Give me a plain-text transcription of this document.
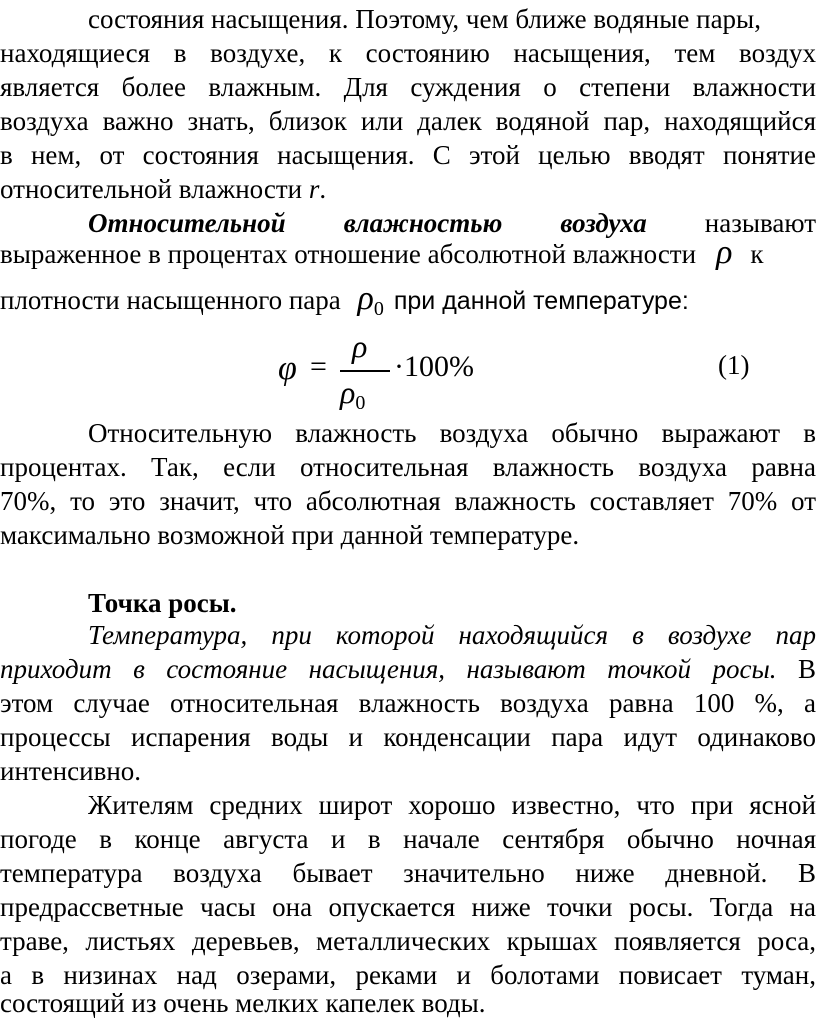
состояния насыщения. Поэтому, чем ближе водяные пары,
находящиеся в воздухе, к состоянию насыщения, тем воздух
является более влажным. Для суждения о степени влажности
воздуха важно знать, близок или далек водяной пар, находящийся
в нем, от состояния насыщения. С этой целью вводят понятие
относительной влажности r.
Относительной влажностью воздуха называют
выраженное в процентах отношение абсолютной влажности ρ к
плотности насыщенного пара $\rho_0$ при данной температуре:
φ =
ρ
$\rho_0$
·100%	(1)
Относительную влажность воздуха обычно выражают в
процентах. Так, если относительная влажность воздуха равна
70%, то это значит, что абсолютная влажность составляет 70% от
максимально возможной при данной температуре.
Точка росы.
Температура, при которой находящийся в воздухе пар
приходит в состояние насыщения, называют точкой росы. В
этом случае относительная влажность воздуха равна 100 %, а
процессы испарения воды и конденсации пара идут одинаково
интенсивно.
Жителям средних широт хорошо известно, что при ясной
погоде в конце августа и в начале сентября обычно ночная
температура воздуха бывает значительно ниже дневной. В
предрассветные часы она опускается ниже точки росы. Тогда на
траве, листьях деревьев, металлических крышах появляется роса,
а в низинах над озерами, реками и болотами повисает туман,
состоящий из очень мелких капелек воды.
